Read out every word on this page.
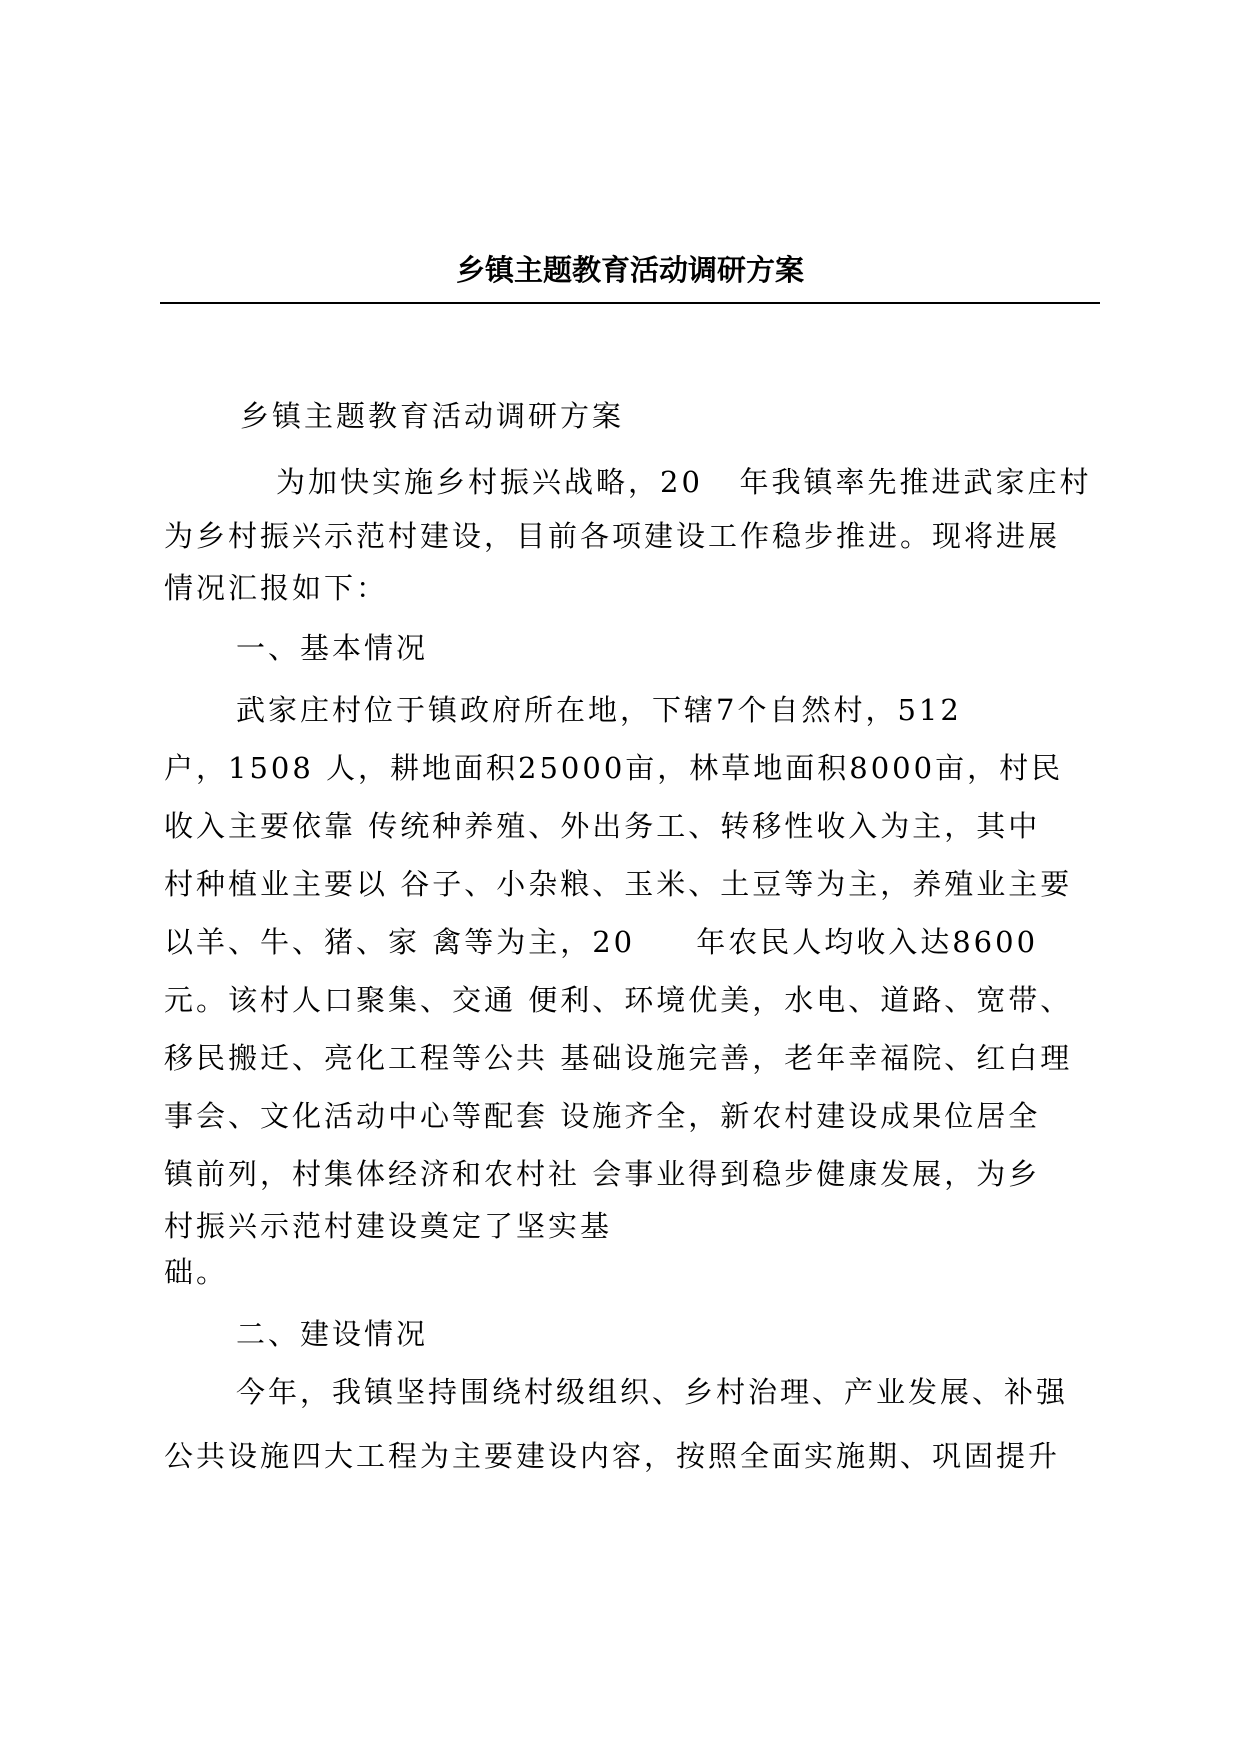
乡镇主题教育活动调研方案

乡镇主题教育活动调研方案

为加快实施乡村振兴战略，20   年我镇率先推进武家庄村

为乡村振兴示范村建设，目前各项建设工作稳步推进。现将进展

情况汇报如下：

一、基本情况

武家庄村位于镇政府所在地，下辖7个自然村，512

户，1508 人，耕地面积25000亩，林草地面积8000亩，村民

收入主要依靠 传统种养殖、外出务工、转移性收入为主，其中

村种植业主要以 谷子、小杂粮、玉米、土豆等为主，养殖业主要

以羊、牛、猪、家 禽等为主，20     年农民人均收入达8600

元。该村人口聚集、交通 便利、环境优美，水电、道路、宽带、

移民搬迁、亮化工程等公共 基础设施完善，老年幸福院、红白理

事会、文化活动中心等配套 设施齐全，新农村建设成果位居全

镇前列，村集体经济和农村社 会事业得到稳步健康发展，为乡

村振兴示范村建设奠定了坚实基

础。

二、建设情况

今年，我镇坚持围绕村级组织、乡村治理、产业发展、补强

公共设施四大工程为主要建设内容，按照全面实施期、巩固提升
